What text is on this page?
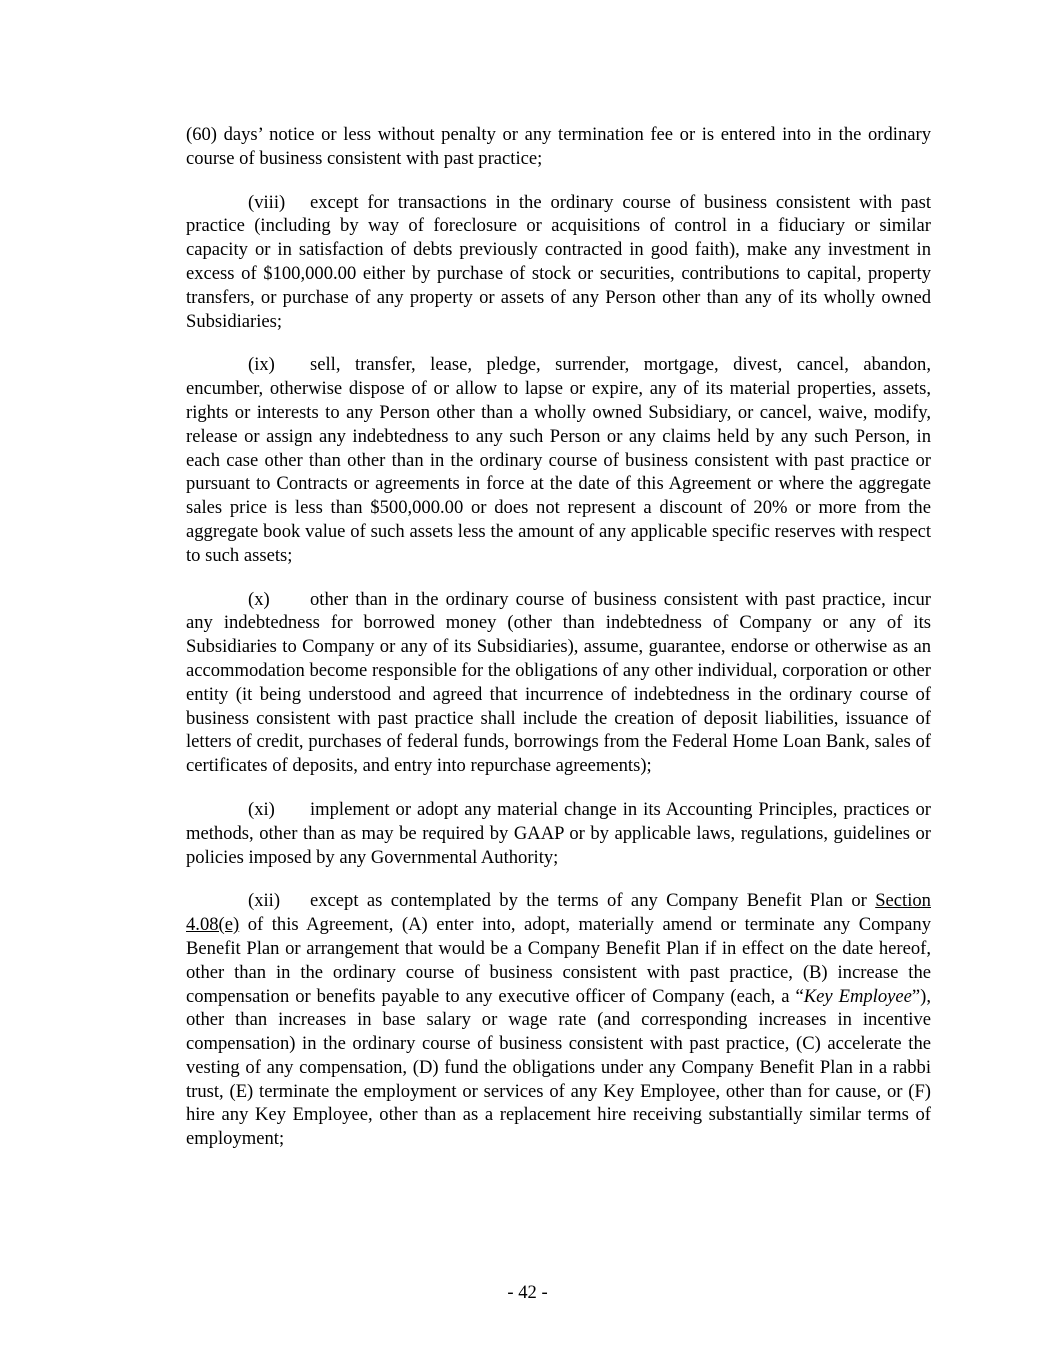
(60) days’ notice or less without penalty or any termination fee or is entered into in the ordinary course of business consistent with past practice;

(viii) except for transactions in the ordinary course of business consistent with past practice (including by way of foreclosure or acquisitions of control in a fiduciary or similar capacity or in satisfaction of debts previously contracted in good faith), make any investment in excess of $100,000.00 either by purchase of stock or securities, contributions to capital, property transfers, or purchase of any property or assets of any Person other than any of its wholly owned Subsidiaries;

(ix) sell, transfer, lease, pledge, surrender, mortgage, divest, cancel, abandon, encumber, otherwise dispose of or allow to lapse or expire, any of its material properties, assets, rights or interests to any Person other than a wholly owned Subsidiary, or cancel, waive, modify, release or assign any indebtedness to any such Person or any claims held by any such Person, in each case other than other than in the ordinary course of business consistent with past practice or pursuant to Contracts or agreements in force at the date of this Agreement or where the aggregate sales price is less than $500,000.00 or does not represent a discount of 20% or more from the aggregate book value of such assets less the amount of any applicable specific reserves with respect to such assets;

(x) other than in the ordinary course of business consistent with past practice, incur any indebtedness for borrowed money (other than indebtedness of Company or any of its Subsidiaries to Company or any of its Subsidiaries), assume, guarantee, endorse or otherwise as an accommodation become responsible for the obligations of any other individual, corporation or other entity (it being understood and agreed that incurrence of indebtedness in the ordinary course of business consistent with past practice shall include the creation of deposit liabilities, issuance of letters of credit, purchases of federal funds, borrowings from the Federal Home Loan Bank, sales of certificates of deposits, and entry into repurchase agreements);

(xi) implement or adopt any material change in its Accounting Principles, practices or methods, other than as may be required by GAAP or by applicable laws, regulations, guidelines or policies imposed by any Governmental Authority;

(xii) except as contemplated by the terms of any Company Benefit Plan or Section 4.08(e) of this Agreement, (A) enter into, adopt, materially amend or terminate any Company Benefit Plan or arrangement that would be a Company Benefit Plan if in effect on the date hereof, other than in the ordinary course of business consistent with past practice, (B) increase the compensation or benefits payable to any executive officer of Company (each, a “Key Employee”), other than increases in base salary or wage rate (and corresponding increases in incentive compensation) in the ordinary course of business consistent with past practice, (C) accelerate the vesting of any compensation, (D) fund the obligations under any Company Benefit Plan in a rabbi trust, (E) terminate the employment or services of any Key Employee, other than for cause, or (F) hire any Key Employee, other than as a replacement hire receiving substantially similar terms of employment;

- 42 -
